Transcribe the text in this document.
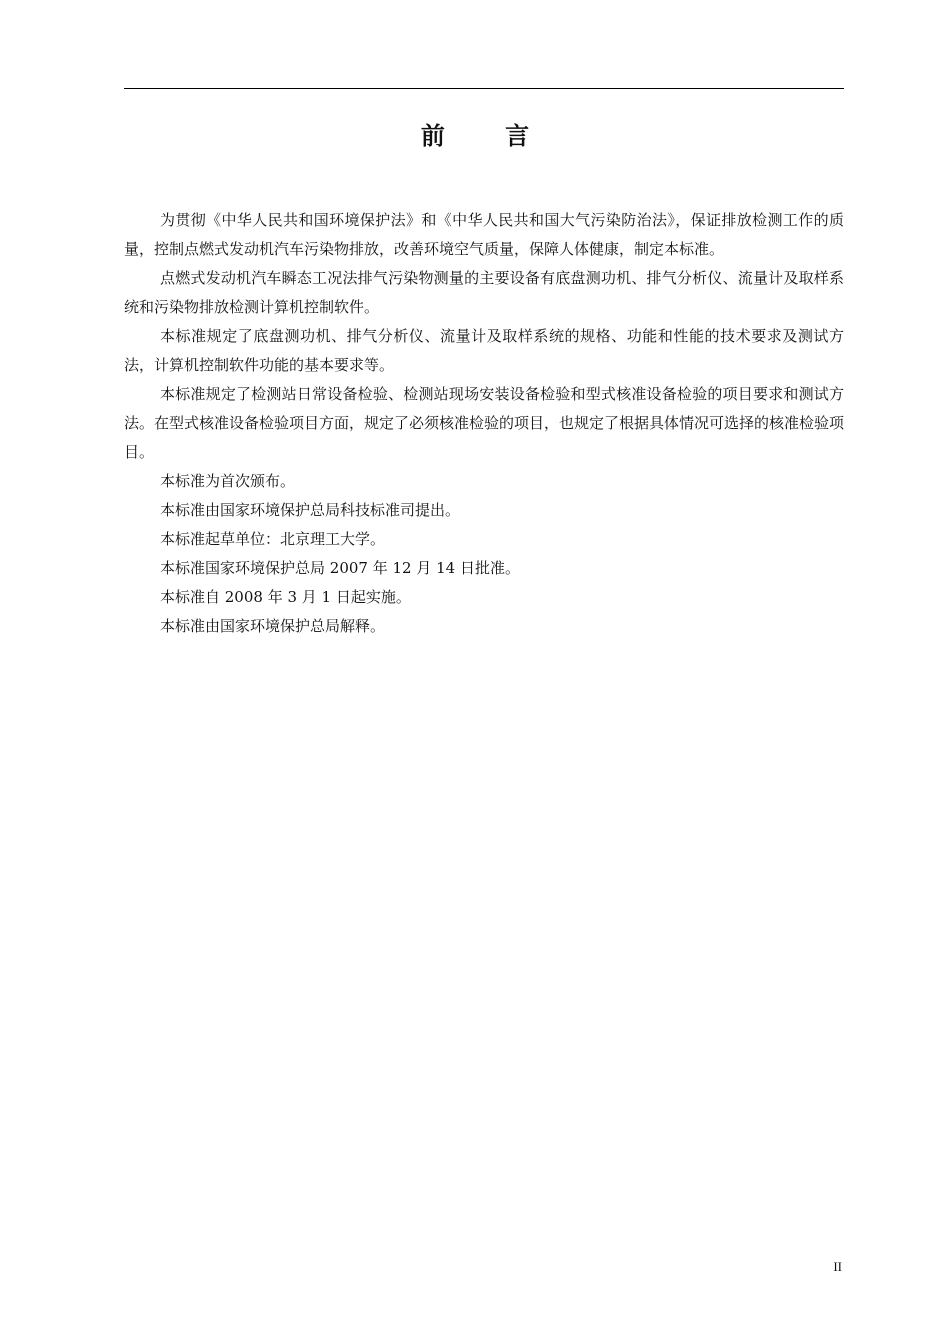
前 言

为贯彻《中华人民共和国环境保护法》和《中华人民共和国大气污染防治法》，保证排放检测工作的质量，控制点燃式发动机汽车污染物排放，改善环境空气质量，保障人体健康，制定本标准。

点燃式发动机汽车瞬态工况法排气污染物测量的主要设备有底盘测功机、排气分析仪、流量计及取样系统和污染物排放检测计算机控制软件。

本标准规定了底盘测功机、排气分析仪、流量计及取样系统的规格、功能和性能的技术要求及测试方法，计算机控制软件功能的基本要求等。

本标准规定了检测站日常设备检验、检测站现场安装设备检验和型式核准设备检验的项目要求和测试方法。在型式核准设备检验项目方面，规定了必须核准检验的项目，也规定了根据具体情况可选择的核准检验项目。

本标准为首次颁布。

本标准由国家环境保护总局科技标准司提出。

本标准起草单位：北京理工大学。

本标准国家环境保护总局 2007 年 12 月 14 日批准。

本标准自 2008 年 3 月 1 日起实施。

本标准由国家环境保护总局解释。

II
